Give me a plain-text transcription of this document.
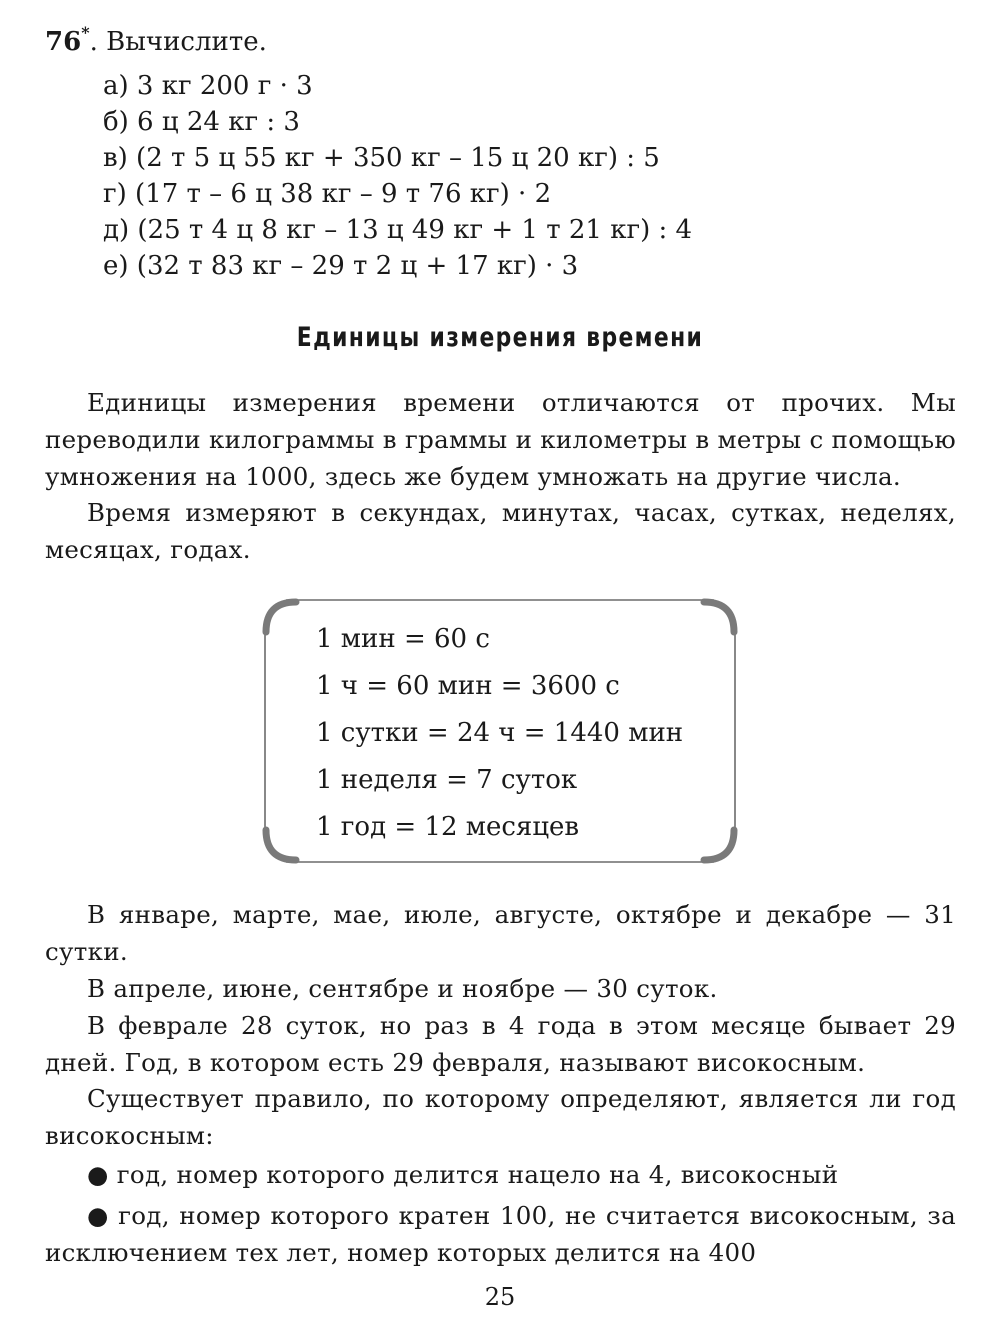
76*. Вычислите.
а) 3 кг 200 г · 3
б) 6 ц 24 кг : 3
в) (2 т 5 ц 55 кг + 350 кг – 15 ц 20 кг) : 5
г) (17 т – 6 ц 38 кг – 9 т 76 кг) · 2
д) (25 т 4 ц 8 кг – 13 ц 49 кг + 1 т 21 кг) : 4
е) (32 т 83 кг – 29 т 2 ц + 17 кг) · 3
Единицы измерения времени

Единицы измерения времени отличаются от прочих. Мы переводили килограммы в граммы и километры в метры с помощью умножения на 1000, здесь же будем умножать на другие числа.

Время измеряют в секундах, минутах, часах, сутках, неделях, месяцах, годах.

1 мин = 60 с
1 ч = 60 мин = 3600 с
1 сутки = 24 ч = 1440 мин
1 неделя = 7 суток
1 год = 12 месяцев

В январе, марте, мае, июле, августе, октябре и декабре — 31 сутки.

В апреле, июне, сентябре и ноябре — 30 суток.

В феврале 28 суток, но раз в 4 года в этом месяце бывает 29 дней. Год, в котором есть 29 февраля, называют високосным.

Существует правило, по которому определяют, является ли год високосным:

● год, номер которого делится нацело на 4, високосный

● год, номер которого кратен 100, не считается високосным, за исключением тех лет, номер которых делится на 400

25
